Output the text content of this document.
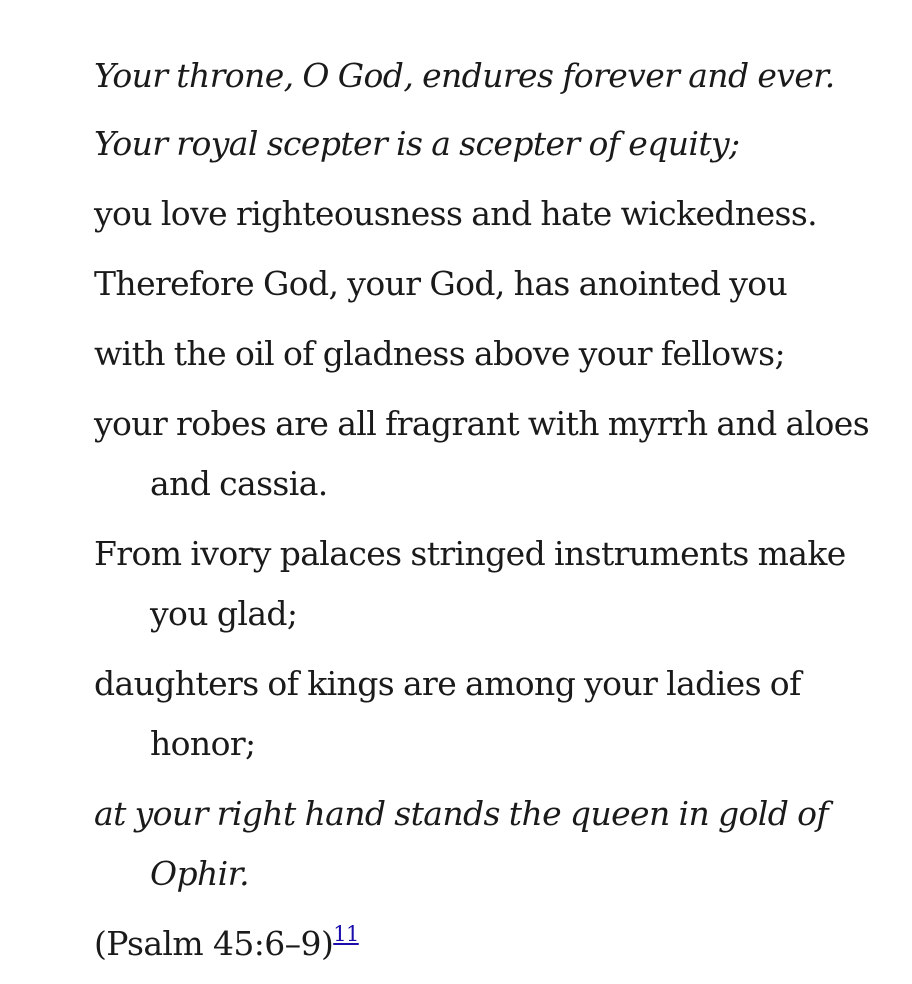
Your throne, O God, endures forever and ever.

Your royal scepter is a scepter of equity;

you love righteousness and hate wickedness.

Therefore God, your God, has anointed you

with the oil of gladness above your fellows;

your robes are all fragrant with myrrh and aloes and cassia.

From ivory palaces stringed instruments make you glad;

daughters of kings are among your ladies of honor;

at your right hand stands the queen in gold of Ophir.

(Psalm 45:6–9)$^{11}$
